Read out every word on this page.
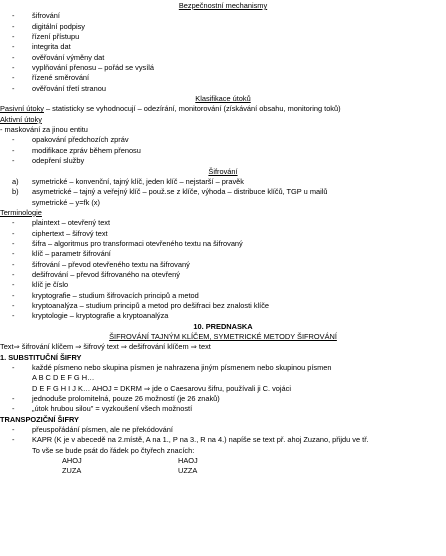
Bezpečnostní mechanismy
- šifrování
- digitální podpisy
- řízení přístupu
- integrita dat
- ověřování výměny dat
- vyplňování přenosu – pořád se vysílá
- řízené směrování
- ověřování třetí stranou
Klasifikace útoků
Pasivní útoky – statisticky se vyhodnocují – odezírání, monitorování (získávání obsahu, monitoring toků)
Aktivní útoky
- maskování za jinou entitu
- opakování předchozích zpráv
- modifikace zpráv během přenosu
- odepření služby
Šifrování
a) symetrické – konvenční, tajný klíč, jeden klíč – nejstarší – pravěk
b) asymetrické – tajný a veřejný klíč – použ.se z klíče, výhoda – distribuce klíčů, TGP u mailů
symetrické – y=fk (x)
Terminologie
- plaintext – otevřený text
- ciphertext – šifrový text
- šifra – algoritmus pro transformaci otevřeného textu na šifrovaný
- klíč – parametr šifrování
- šifrování – převod otevřeného textu na šifrovaný
- dešifrování – převod šifrovaného na otevřený
- klíč je číslo
- kryptografie – studium šifrovacích principů a metod
- kryptoanalýza – studium principů a metod pro dešifraci bez znalosti klíče
- kryptologie – kryptografie a kryptoanalýza
10. PREDNASKA
ŠIFROVÁNÍ TAJNÝM KLÍČEM, SYMETRICKÉ METODY ŠIFROVÁNÍ
Text⇒ šifrování klíčem ⇒ šifrový text ⇒ dešifrování klíčem ⇒ text
1. SUBSTITUČNÍ ŠIFRY
- každé písmeno nebo skupina písmen je nahrazena jiným písmenem nebo skupinou písmen
A B C D E F G H…
D E F G H I J K… AHOJ = DKRM ⇒ jde o Caesarovu šifru, používali ji C. vojáci
- jednoduše prolomitelná, pouze 26 možností (je 26 znaků)
- „útok hrubou silou" = vyzkoušení všech možností
TRANSPOZIČNÍ ŠIFRY
- přeuspořádání písmen, ale ne překódování
- KAPR (K je v abecedě na 2.místě, A na 1., P na 3., R na 4.) napíše se text př. ahoj Zuzano, přijdu ve tř.
To vše se bude psát do řádek po čtyřech znacích:
AHOJ	HAOJ
ZUZA	UZZA
